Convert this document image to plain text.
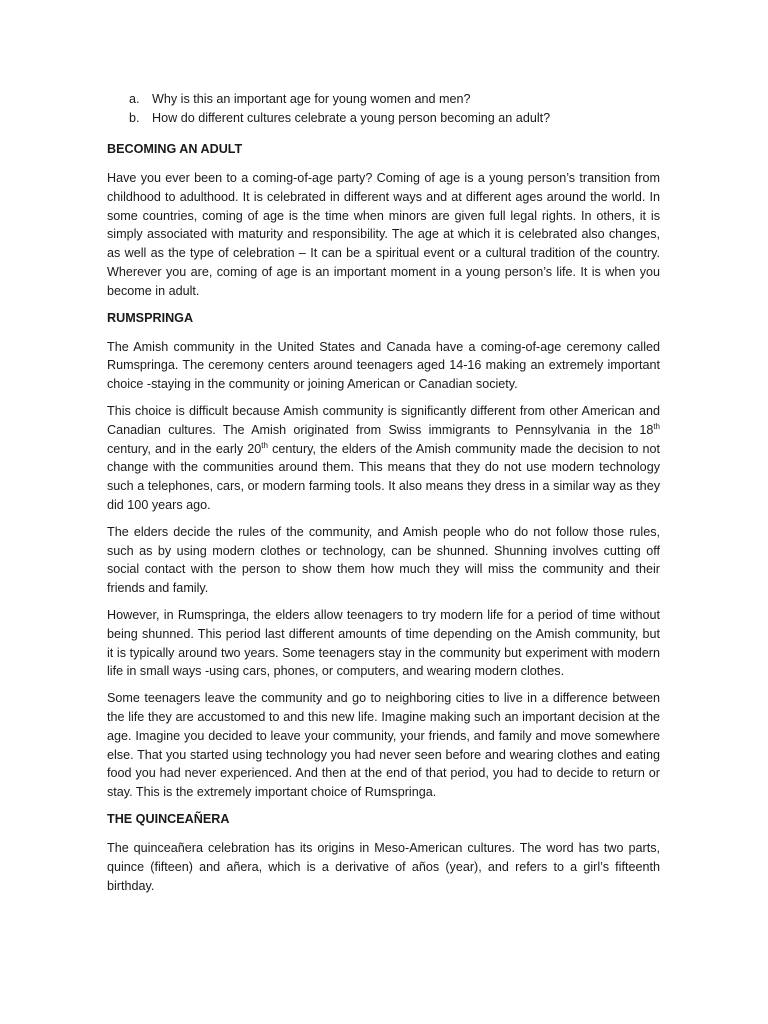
a. Why is this an important age for young women and men?
b. How do different cultures celebrate a young person becoming an adult?
BECOMING AN ADULT

Have you ever been to a coming-of-age party? Coming of age is a young person’s transition from childhood to adulthood. It is celebrated in different ways and at different ages around the world. In some countries, coming of age is the time when minors are given full legal rights. In others, it is simply associated with maturity and responsibility. The age at which it is celebrated also changes, as well as the type of celebration – It can be a spiritual event or a cultural tradition of the country. Wherever you are, coming of age is an important moment in a young person’s life. It is when you become in adult.

RUMSPRINGA

The Amish community in the United States and Canada have a coming-of-age ceremony called Rumspringa. The ceremony centers around teenagers aged 14-16 making an extremely important choice -staying in the community or joining American or Canadian society.

This choice is difficult because Amish community is significantly different from other American and Canadian cultures. The Amish originated from Swiss immigrants to Pennsylvania in the 18th century, and in the early 20th century, the elders of the Amish community made the decision to not change with the communities around them. This means that they do not use modern technology such a telephones, cars, or modern farming tools. It also means they dress in a similar way as they did 100 years ago.

The elders decide the rules of the community, and Amish people who do not follow those rules, such as by using modern clothes or technology, can be shunned. Shunning involves cutting off social contact with the person to show them how much they will miss the community and their friends and family.

However, in Rumspringa, the elders allow teenagers to try modern life for a period of time without being shunned. This period last different amounts of time depending on the Amish community, but it is typically around two years. Some teenagers stay in the community but experiment with modern life in small ways -using cars, phones, or computers, and wearing modern clothes.

Some teenagers leave the community and go to neighboring cities to live in a difference between the life they are accustomed to and this new life. Imagine making such an important decision at the age. Imagine you decided to leave your community, your friends, and family and move somewhere else. That you started using technology you had never seen before and wearing clothes and eating food you had never experienced. And then at the end of that period, you had to decide to return or stay. This is the extremely important choice of Rumspringa.

THE QUINCEAÑERA

The quinceañera celebration has its origins in Meso-American cultures. The word has two parts, quince (fifteen) and añera, which is a derivative of años (year), and refers to a girl’s fifteenth birthday.
